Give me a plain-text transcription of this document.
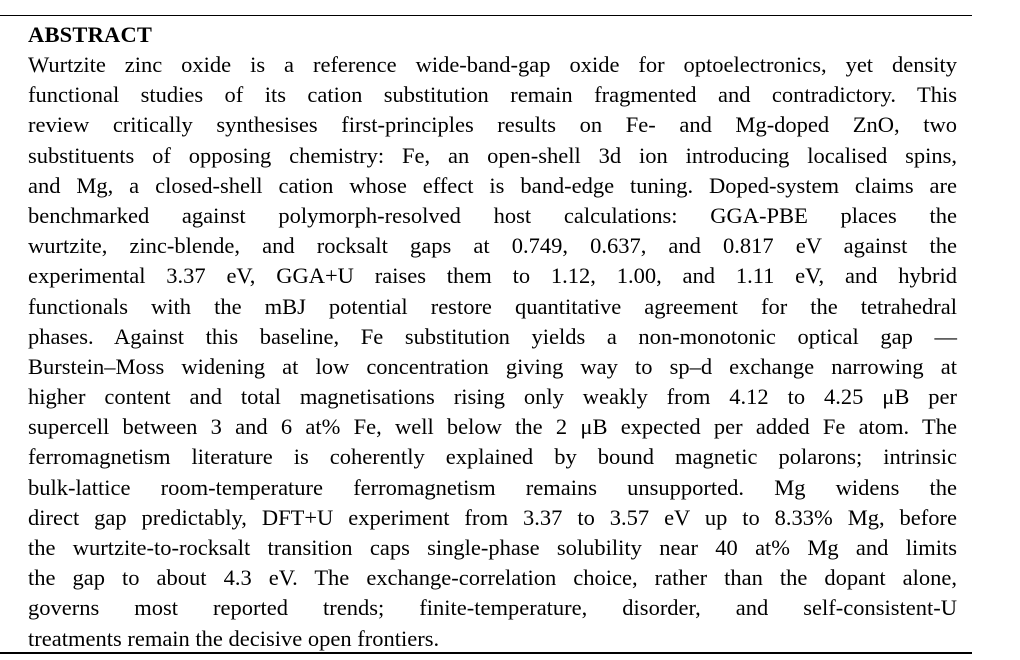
ABSTRACT
Wurtzite zinc oxide is a reference wide-band-gap oxide for optoelectronics, yet density
functional studies of its cation substitution remain fragmented and contradictory. This
review critically synthesises first-principles results on Fe- and Mg-doped ZnO, two
substituents of opposing chemistry: Fe, an open-shell 3d ion introducing localised spins,
and Mg, a closed-shell cation whose effect is band-edge tuning. Doped-system claims are
benchmarked against polymorph-resolved host calculations: GGA-PBE places the
wurtzite, zinc-blende, and rocksalt gaps at 0.749, 0.637, and 0.817 eV against the
experimental 3.37 eV, GGA+U raises them to 1.12, 1.00, and 1.11 eV, and hybrid
functionals with the mBJ potential restore quantitative agreement for the tetrahedral
phases. Against this baseline, Fe substitution yields a non-monotonic optical gap —
Burstein–Moss widening at low concentration giving way to sp–d exchange narrowing at
higher content and total magnetisations rising only weakly from 4.12 to 4.25 μB per
supercell between 3 and 6 at% Fe, well below the 2 μB expected per added Fe atom. The
ferromagnetism literature is coherently explained by bound magnetic polarons; intrinsic
bulk-lattice room-temperature ferromagnetism remains unsupported. Mg widens the
direct gap predictably, DFT+U experiment from 3.37 to 3.57 eV up to 8.33% Mg, before
the wurtzite-to-rocksalt transition caps single-phase solubility near 40 at% Mg and limits
the gap to about 4.3 eV. The exchange-correlation choice, rather than the dopant alone,
governs most reported trends; finite-temperature, disorder, and self-consistent-U
treatments remain the decisive open frontiers.
